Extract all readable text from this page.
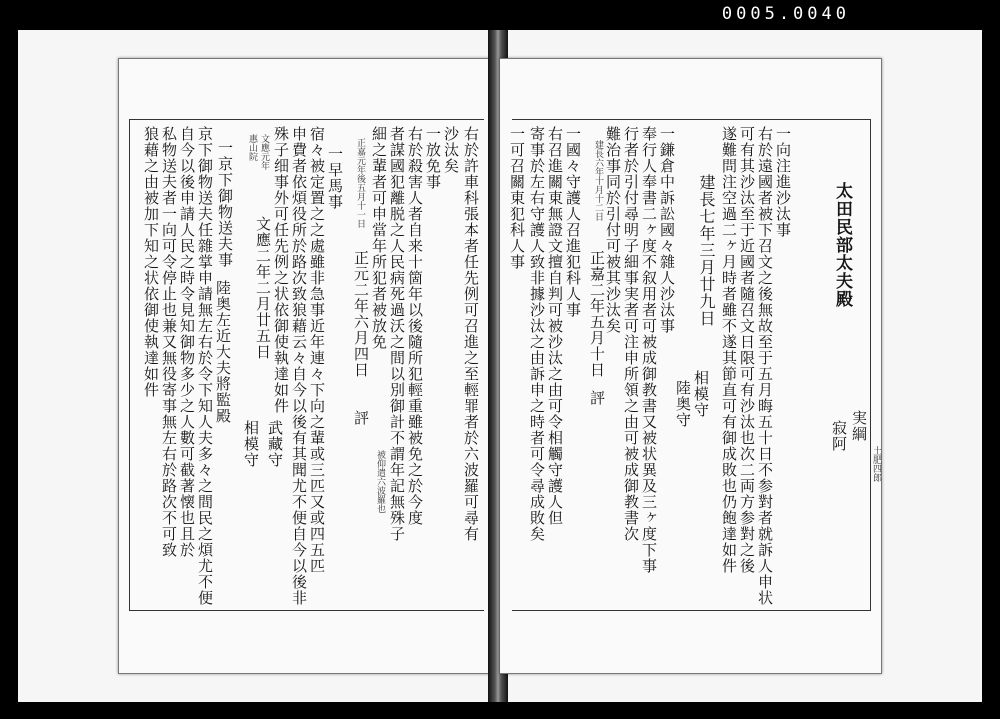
0005.0040
右於許車科張本者任先例可召進之至輕罪者於六波羅可尋有
沙汰矣
一放免事
右於殺害人者自来十箇年以後隨所犯輕重雖被免之於今度
者謀國犯離脱之人民病死過沃之間以別御計不謂年記無殊子
細之輩者可申當年所犯者被放免
正嘉元年後五月十一日
正元二年六月四日
評
被仰遣六波羅也
一早馬事
宿々被定置之之處雖非急事近年連々下向之輩或三匹又或四五匹
申費者依煩役所於路次致狼藉云々自今以後有其聞尤不便自今以後非
殊子细事外可任先例之状依御使執達如件
文應元年
惠山院
文應二年二月廿五日
武藏守
相模守
一京下御物送夫事
京下御物送夫任雜掌申請無左右於令下知人夫多々之間民之煩尤不便
自今以後申請人民之時令見知御物多少之人數可截著懐也且於
私物送夫者一向可令停止也兼又無役寄事無左右於路次不可致
狼藉之由被加下知之状依御使執達如件	陸奥左近大夫將監殿
太田民部太夫殿
実綱
土肥四郎
寂阿
一向注進沙汰事
右於遠國者被下召文之後無故至于五月晦五十日不参對者就訴人申状
可有其沙汰至于近國者隨召文日限可有沙汰也次二両方参對之後
遂難問注空過二ヶ月時者雖不遂其節直可有御成敗也仍飽達如件
建長七年三月廿九日
相模守
陸奥守
一鎌倉中訴訟國々雜人沙汰事
奉行人奉書二ヶ度不叙用者可被成御教書又被状異及三ヶ度下事
行者於引付尋明子細事実者可注申所領之由可被成御教書次
難治事同於引付可被其沙汰矣
建長六年十月十二日
正嘉二年五月十日
評
一國々守護人召進犯科人事
右召進關東無證文擅自判可被沙汰之由可令相觸守護人但
寄事於左右守護人致非據沙汰之由訴申之時者可令尋成敗矣
一可召關東犯科人事
